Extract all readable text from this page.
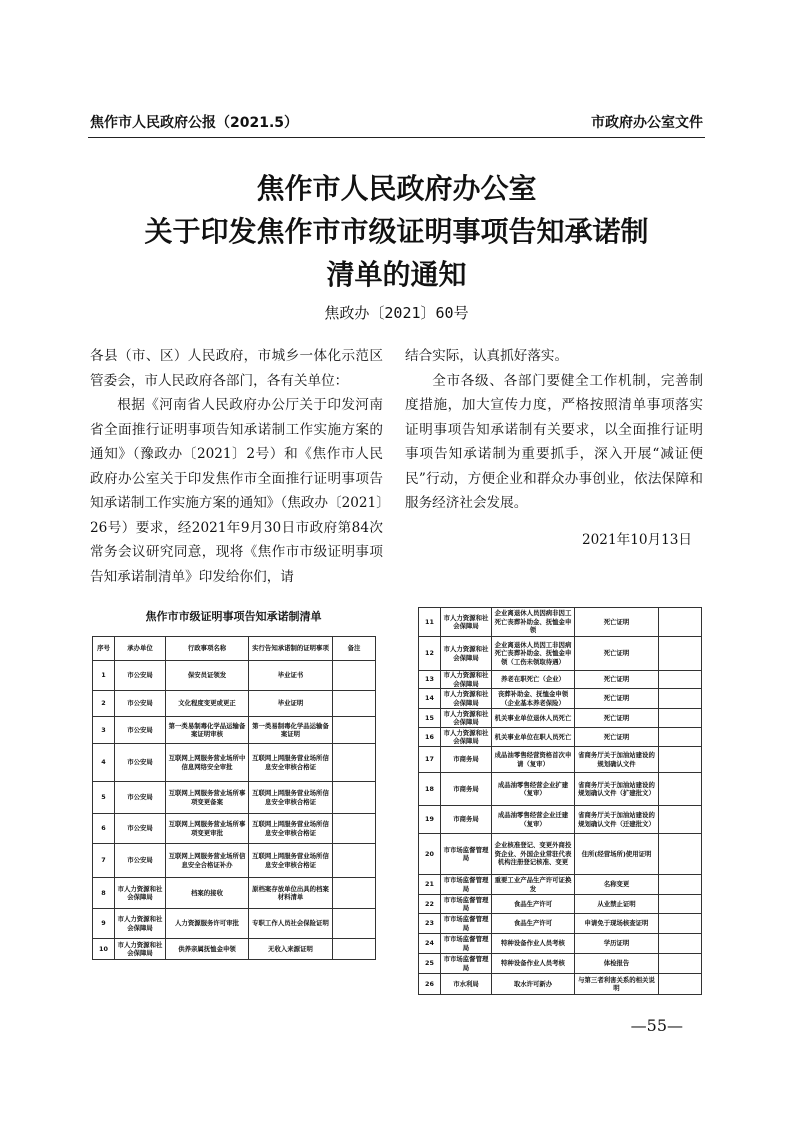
焦作市人民政府公报（2021.5）	市政府办公室文件
焦作市人民政府办公室
关于印发焦作市市级证明事项告知承诺制
清单的通知
焦政办〔2021〕60号
各县（市、区）人民政府，市城乡一体化示范区管委会，市人民政府各部门，各有关单位：
根据《河南省人民政府办公厅关于印发河南省全面推行证明事项告知承诺制工作实施方案的通知》（豫政办〔2021〕2号）和《焦作市人民政府办公室关于印发焦作市全面推行证明事项告知承诺制工作实施方案的通知》（焦政办〔2021〕26号）要求，经2021年9月30日市政府第84次常务会议研究同意，现将《焦作市市级证明事项告知承诺制清单》印发给你们，请
结合实际，认真抓好落实。
全市各级、各部门要健全工作机制，完善制度措施，加大宣传力度，严格按照清单事项落实证明事项告知承诺制有关要求，以全面推行证明事项告知承诺制为重要抓手，深入开展“减证便民”行动，方便企业和群众办事创业，依法保障和服务经济社会发展。
2021年10月13日
焦作市市级证明事项告知承诺制清单
序号	承办单位	行政事项名称	实行告知承诺制的证明事项	备注
1	市公安局	保安员证领发	毕业证书	
2	市公安局	文化程度变更或更正	毕业证明	
3	市公安局	第一类易制毒化学品运输备案证明审核	第一类易制毒化学品运输备案证明	
4	市公安局	互联网上网服务营业场所中信息网络安全审批	互联网上网服务营业场所信息安全审核合格证	
5	市公安局	互联网上网服务营业场所事项变更备案	互联网上网服务营业场所信息安全审核合格证	
6	市公安局	互联网上网服务营业场所事项变更审批	互联网上网服务营业场所信息安全审核合格证	
7	市公安局	互联网上网服务营业场所信息安全合格证补办	互联网上网服务营业场所信息安全审核合格证	
8	市人力资源和社会保障局	档案的接收	原档案存放单位出具的档案材料清单	
9	市人力资源和社会保障局	人力资源服务许可审批	专职工作人员社会保险证明	
10	市人力资源和社会保障局	供养亲属抚恤金申领	无收入来源证明	
11	市人力资源和社会保障局	企业离退休人员因病非因工死亡丧葬补助金、抚恤金申领	死亡证明	
12	市人力资源和社会保障局	企业离退休人员因工非因病死亡丧葬补助金、抚恤金申领（工伤未领取待遇）	死亡证明	
13	市人力资源和社会保障局	养老在职死亡（企业）	死亡证明	
14	市人力资源和社会保障局	丧葬补助金、抚恤金申领（企业基本养老保险）	死亡证明	
15	市人力资源和社会保障局	机关事业单位退休人员死亡	死亡证明	
16	市人力资源和社会保障局	机关事业单位在职人员死亡	死亡证明	
17	市商务局	成品油零售经营资格首次申请（复审）	省商务厅关于加油站建设的规划确认文件	
18	市商务局	成品油零售经营企业扩建（复审）	省商务厅关于加油站建设的规划确认文件（扩建批文）	
19	市商务局	成品油零售经营企业迁建（复审）	省商务厅关于加油站建设的规划确认文件（迁建批文）	
20	市市场监督管理局	企业核准登记、变更外商投资企业、外国企业常驻代表机构注册登记核准、变更	住所(经营场所)使用证明	
21	市市场监督管理局	重要工业产品生产许可证换发	名称变更	
22	市市场监督管理局	食品生产许可	从业禁止证明	
23	市市场监督管理局	食品生产许可	申请免于现场核查证明	
24	市市场监督管理局	特种设备作业人员考核	学历证明	
25	市市场监督管理局	特种设备作业人员考核	体检报告	
26	市水利局	取水许可新办	与第三者利害关系的相关说明	
—55—
